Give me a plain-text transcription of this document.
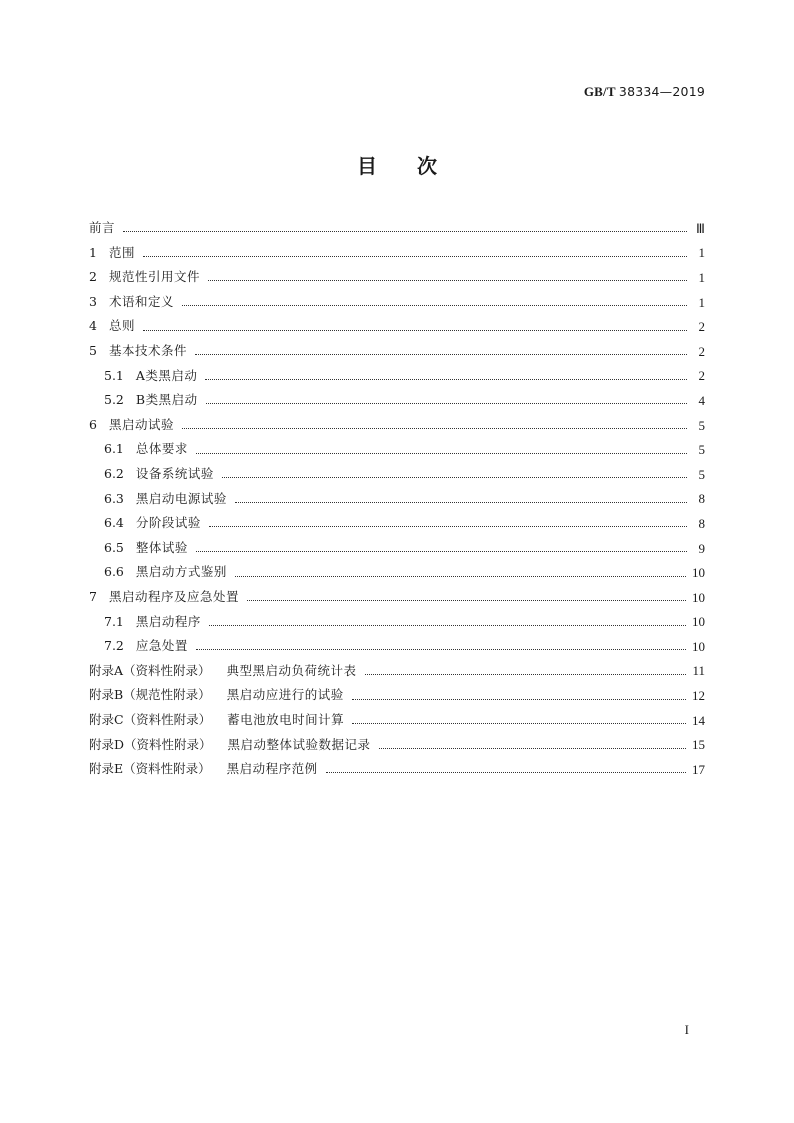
GB/T 38334—2019
目次
前言	Ⅲ
1 范围	1
2 规范性引用文件	1
3 术语和定义	1
4 总则	2
5 基本技术条件	2
5.1 A类黑启动	2
5.2 B类黑启动	4
6 黑启动试验	5
6.1 总体要求	5
6.2 设备系统试验	5
6.3 黑启动电源试验	8
6.4 分阶段试验	8
6.5 整体试验	9
6.6 黑启动方式鉴别	10
7 黑启动程序及应急处置	10
7.1 黑启动程序	10
7.2 应急处置	10
附录A（资料性附录） 典型黑启动负荷统计表	11
附录B（规范性附录） 黑启动应进行的试验	12
附录C（资料性附录） 蓄电池放电时间计算	14
附录D（资料性附录） 黑启动整体试验数据记录	15
附录E（资料性附录） 黑启动程序范例	17
I
